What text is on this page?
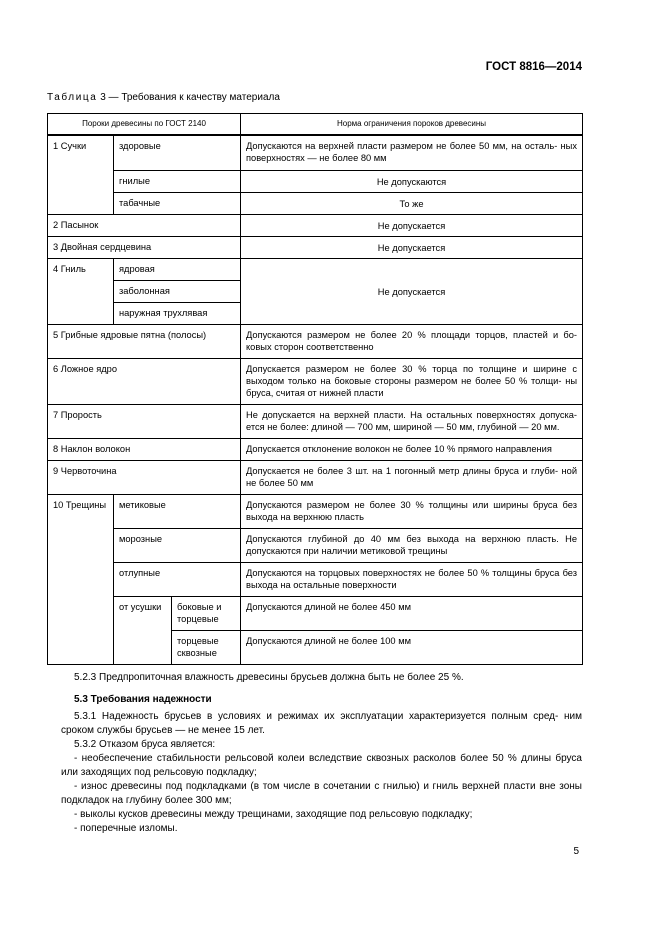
ГОСТ 8816—2014
Таблица 3 — Требования к качеству материала
Пороки древесины по ГОСТ 2140			Норма ограничения пороков древесины
1 Сучки	здоровые		Допускаются на верхней пласти размером не более 50 мм, на осталь- ных поверхностях — не более 80 мм
	гнилые		Не допускаются
	табачные		То же
2 Пасынок			Не допускается
3 Двойная сердцевина			Не допускается
4 Гниль	ядровая		Не допускается
	заболонная		
	наружная трухлявая		
5 Грибные ядровые пятна (полосы)			Допускаются размером не более 20 % площади торцов, пластей и бо- ковых сторон соответственно
6 Ложное ядро			Допускается размером не более 30 % торца по толщине и ширине с выходом только на боковые стороны размером не более 50 % толщи- ны бруса, считая от нижней пласти
7 Прорость			Не допускается на верхней пласти. На остальных поверхностях допуска- ется не более: длиной — 700 мм, шириной — 50 мм, глубиной — 20 мм.
8 Наклон волокон			Допускается отклонение волокон не более 10 % прямого направления
9 Червоточина			Допускается не более 3 шт. на 1 погонный метр длины бруса и глуби- ной не более 50 мм
10 Трещины	метиковые		Допускаются размером не более 30 % толщины или ширины бруса без выхода на верхнюю пласть
	морозные		Допускаются глубиной до 40 мм без выхода на верхнюю пласть. Не допускаются при наличии метиковой трещины
	отлупные		Допускаются на торцовых поверхностях не более 50 % толщины бруса без выхода на остальные поверхности
	от усушки	боковые и торцевые	Допускаются длиной не более 450 мм
		торцевые сквозные	Допускаются длиной не более 100 мм

5.2.3 Предпропиточная влажность древесины брусьев должна быть не более 25 %.

5.3 Требования надежности

5.3.1 Надежность брусьев в условиях и режимах их эксплуатации характеризуется полным сред- ним сроком службы брусьев — не менее 15 лет.

5.3.2 Отказом бруса является:

- необеспечение стабильности рельсовой колеи вследствие сквозных расколов более 50 % длины бруса или заходящих под рельсовую подкладку;

- износ древесины под подкладками (в том числе в сочетании с гнилью) и гниль верхней пласти вне зоны подкладок на глубину более 300 мм;

- выколы кусков древесины между трещинами, заходящие под рельсовую подкладку;

- поперечные изломы.

5
